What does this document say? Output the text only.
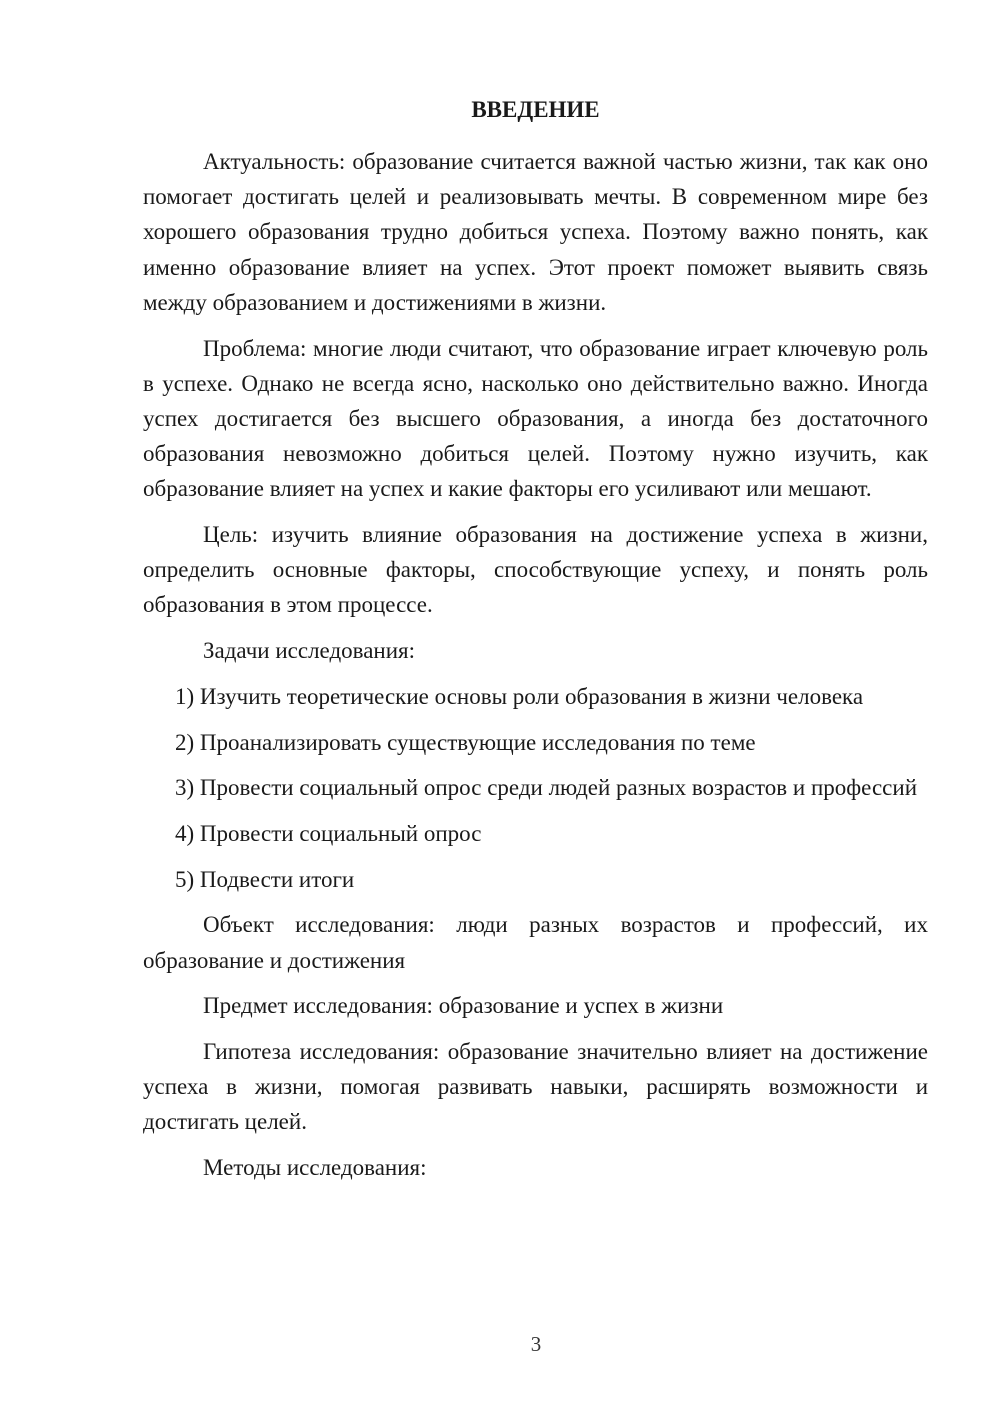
ВВЕДЕНИЕ

Актуальность: образование считается важной частью жизни, так как оно помогает достигать целей и реализовывать мечты. В современном мире без хорошего образования трудно добиться успеха. Поэтому важно понять, как именно образование влияет на успех. Этот проект поможет выявить связь между образованием и достижениями в жизни.

Проблема: многие люди считают, что образование играет ключевую роль в успехе. Однако не всегда ясно, насколько оно действительно важно. Иногда успех достигается без высшего образования, а иногда без достаточного образования невозможно добиться целей. Поэтому нужно изучить, как образование влияет на успех и какие факторы его усиливают или мешают.

Цель: изучить влияние образования на достижение успеха в жизни, определить основные факторы, способствующие успеху, и понять роль образования в этом процессе.

Задачи исследования:

1) Изучить теоретические основы роли образования в жизни человека

2) Проанализировать существующие исследования по теме

3) Провести социальный опрос среди людей разных возрастов и профессий

4) Провести социальный опрос

5) Подвести итоги

Объект исследования: люди разных возрастов и профессий, их образование и достижения

Предмет исследования: образование и успех в жизни

Гипотеза исследования: образование значительно влияет на достижение успеха в жизни, помогая развивать навыки, расширять возможности и достигать целей.

Методы исследования:

3
